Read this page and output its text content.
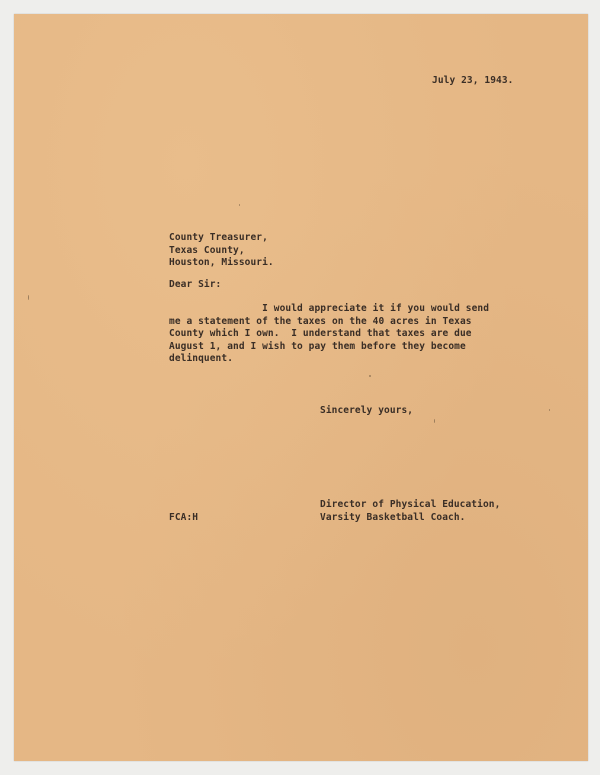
July 23, 1943.
County Treasurer,
Texas County,
Houston, Missouri.
Dear Sir:
I would appreciate it if you would send
me a statement of the taxes on the 40 acres in Texas
County which I own.  I understand that taxes are due
August 1, and I wish to pay them before they become
delinquent.
Sincerely yours,
Director of Physical Education,
Varsity Basketball Coach.
FCA:H
